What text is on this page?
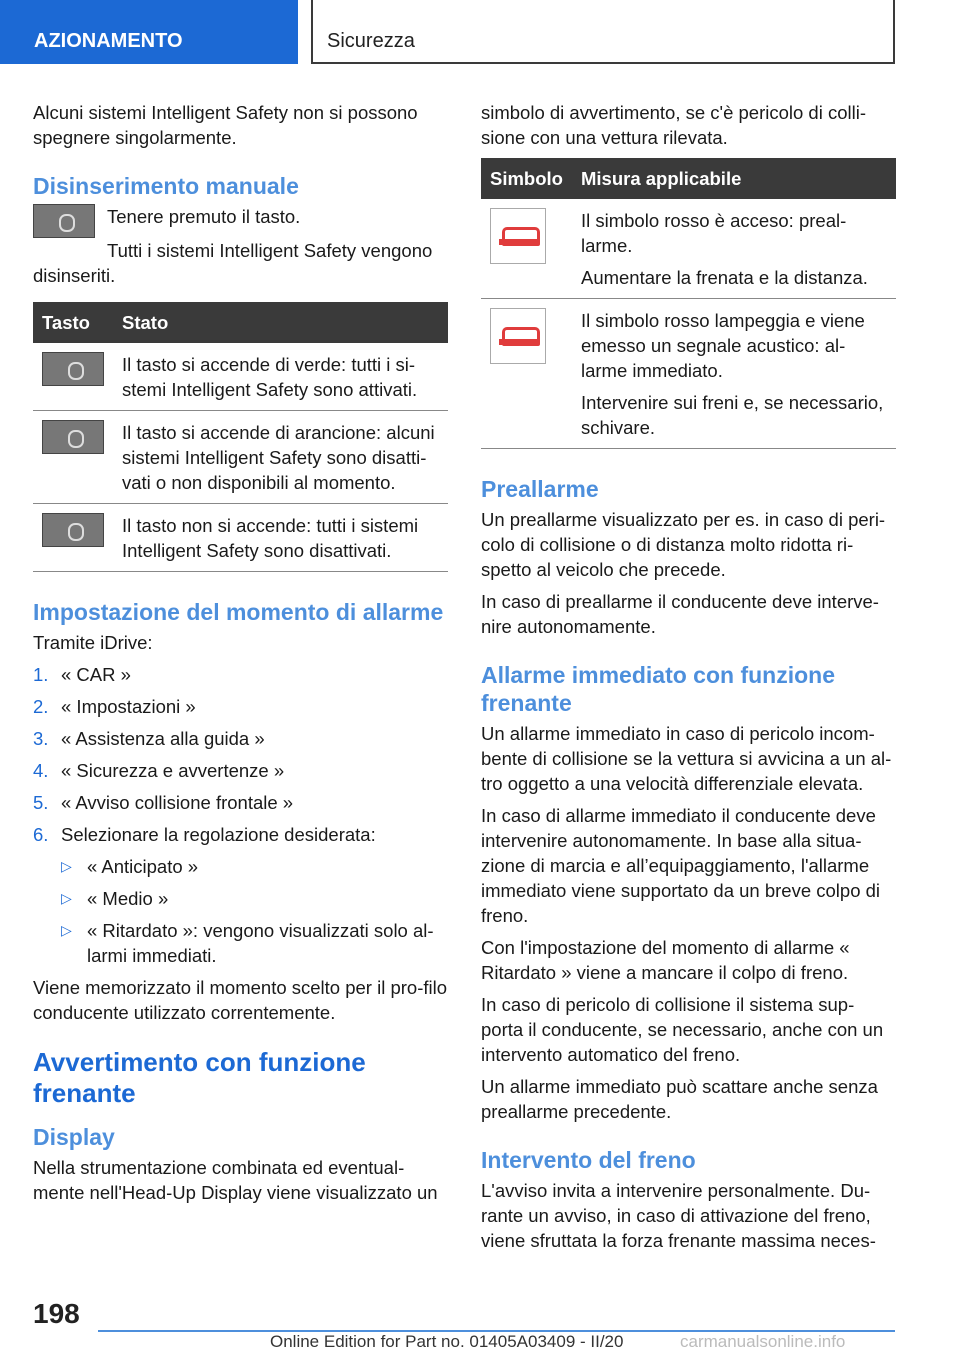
AZIONAMENTO	Sicurezza

Alcuni sistemi Intelligent Safety non si possono spegnere singolarmente.

Disinserimento manuale

Tenere premuto il tasto.

Tutti i sistemi Intelligent Safety vengono disinseriti.

Tasto	Stato
	Il tasto si accende di verde: tutti i si-stemi Intelligent Safety sono attivati.
	Il tasto si accende di arancione: alcuni sistemi Intelligent Safety sono disatti-vati o non disponibili al momento.
	Il tasto non si accende: tutti i sistemi Intelligent Safety sono disattivati.
Impostazione del momento di allarme

Tramite iDrive:

1. « CAR »
2. « Impostazioni »
3. « Assistenza alla guida »
4. « Sicurezza e avvertenze »
5. « Avviso collisione frontale »
6. Selezionare la regolazione desiderata:
▷ « Anticipato »
▷ « Medio »
▷ « Ritardato »: vengono visualizzati solo al-larmi immediati.

Viene memorizzato il momento scelto per il pro-filo conducente utilizzato correntemente.

Avvertimento con funzione frenante
Display

Nella strumentazione combinata ed eventual-mente nell'Head-Up Display viene visualizzato un

simbolo di avvertimento, se c'è pericolo di colli-sione con una vettura rilevata.

Simbolo	Misura applicabile

	Il simbolo rosso è acceso: preal-larme.

Aumentare la frenata e la distanza.

	Il simbolo rosso lampeggia e viene emesso un segnale acustico: al-larme immediato.

Intervenire sui freni e, se necessario, schivare.

Preallarme

Un preallarme visualizzato per es. in caso di peri-colo di collisione o di distanza molto ridotta ri-spetto al veicolo che precede.

In caso di preallarme il conducente deve interve-nire autonomamente.

Allarme immediato con funzione frenante

Un allarme immediato in caso di pericolo incom-bente di collisione se la vettura si avvicina a un al-tro oggetto a una velocità differenziale elevata.

In caso di allarme immediato il conducente deve intervenire autonomamente. In base alla situa-zione di marcia e all’equipaggiamento, l'allarme immediato viene supportato da un breve colpo di freno.

Con l'impostazione del momento di allarme « Ritardato » viene a mancare il colpo di freno.

In caso di pericolo di collisione il sistema sup-porta il conducente, se necessario, anche con un intervento automatico del freno.

Un allarme immediato può scattare anche senza preallarme precedente.

Intervento del freno

L'avviso invita a intervenire personalmente. Du-rante un avviso, in caso di attivazione del freno, viene sfruttata la forza frenante massima neces-

198
Online Edition for Part no. 01405A03409 - II/20	carmanualsonline.info
